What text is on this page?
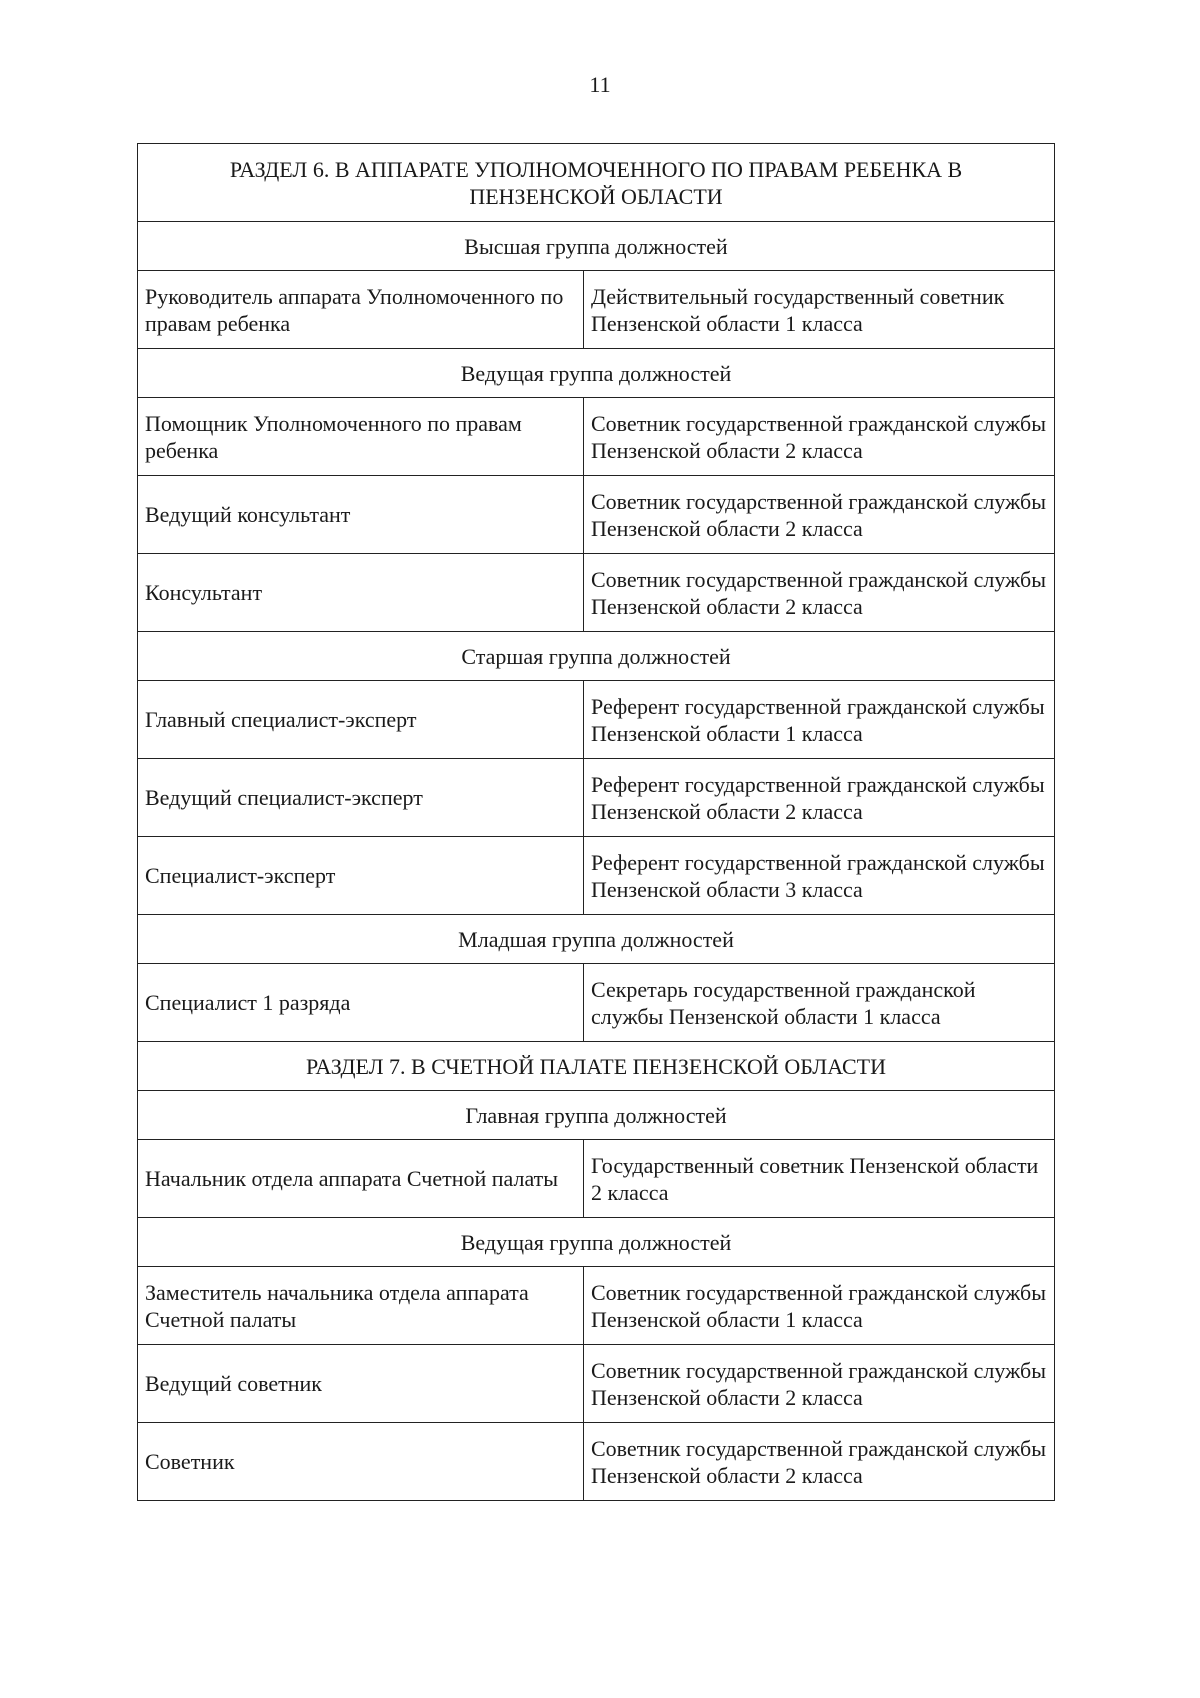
11
РАЗДЕЛ 6. В АППАРАТЕ УПОЛНОМОЧЕННОГО ПО ПРАВАМ РЕБЕНКА В ПЕНЗЕНСКОЙ ОБЛАСТИ	
Высшая группа должностей	
Руководитель аппарата Уполномоченного по правам ребенка	Действительный государственный советник Пензенской области 1 класса
Ведущая группа должностей	
Помощник Уполномоченного по правам ребенка	Советник государственной гражданской службы Пензенской области 2 класса
Ведущий консультант	Советник государственной гражданской службы Пензенской области 2 класса
Консультант	Советник государственной гражданской службы Пензенской области 2 класса
Старшая группа должностей	
Главный специалист-эксперт	Референт государственной гражданской службы Пензенской области 1 класса
Ведущий специалист-эксперт	Референт государственной гражданской службы Пензенской области 2 класса
Специалист-эксперт	Референт государственной гражданской службы Пензенской области 3 класса
Младшая группа должностей	
Специалист 1 разряда	Секретарь государственной гражданской службы Пензенской области 1 класса
РАЗДЕЛ 7. В СЧЕТНОЙ ПАЛАТЕ ПЕНЗЕНСКОЙ ОБЛАСТИ	
Главная группа должностей	
Начальник отдела аппарата Счетной палаты	Государственный советник Пензенской области 2 класса
Ведущая группа должностей	
Заместитель начальника отдела аппарата Счетной палаты	Советник государственной гражданской службы Пензенской области 1 класса
Ведущий советник	Советник государственной гражданской службы Пензенской области 2 класса
Советник	Советник государственной гражданской службы Пензенской области 2 класса
